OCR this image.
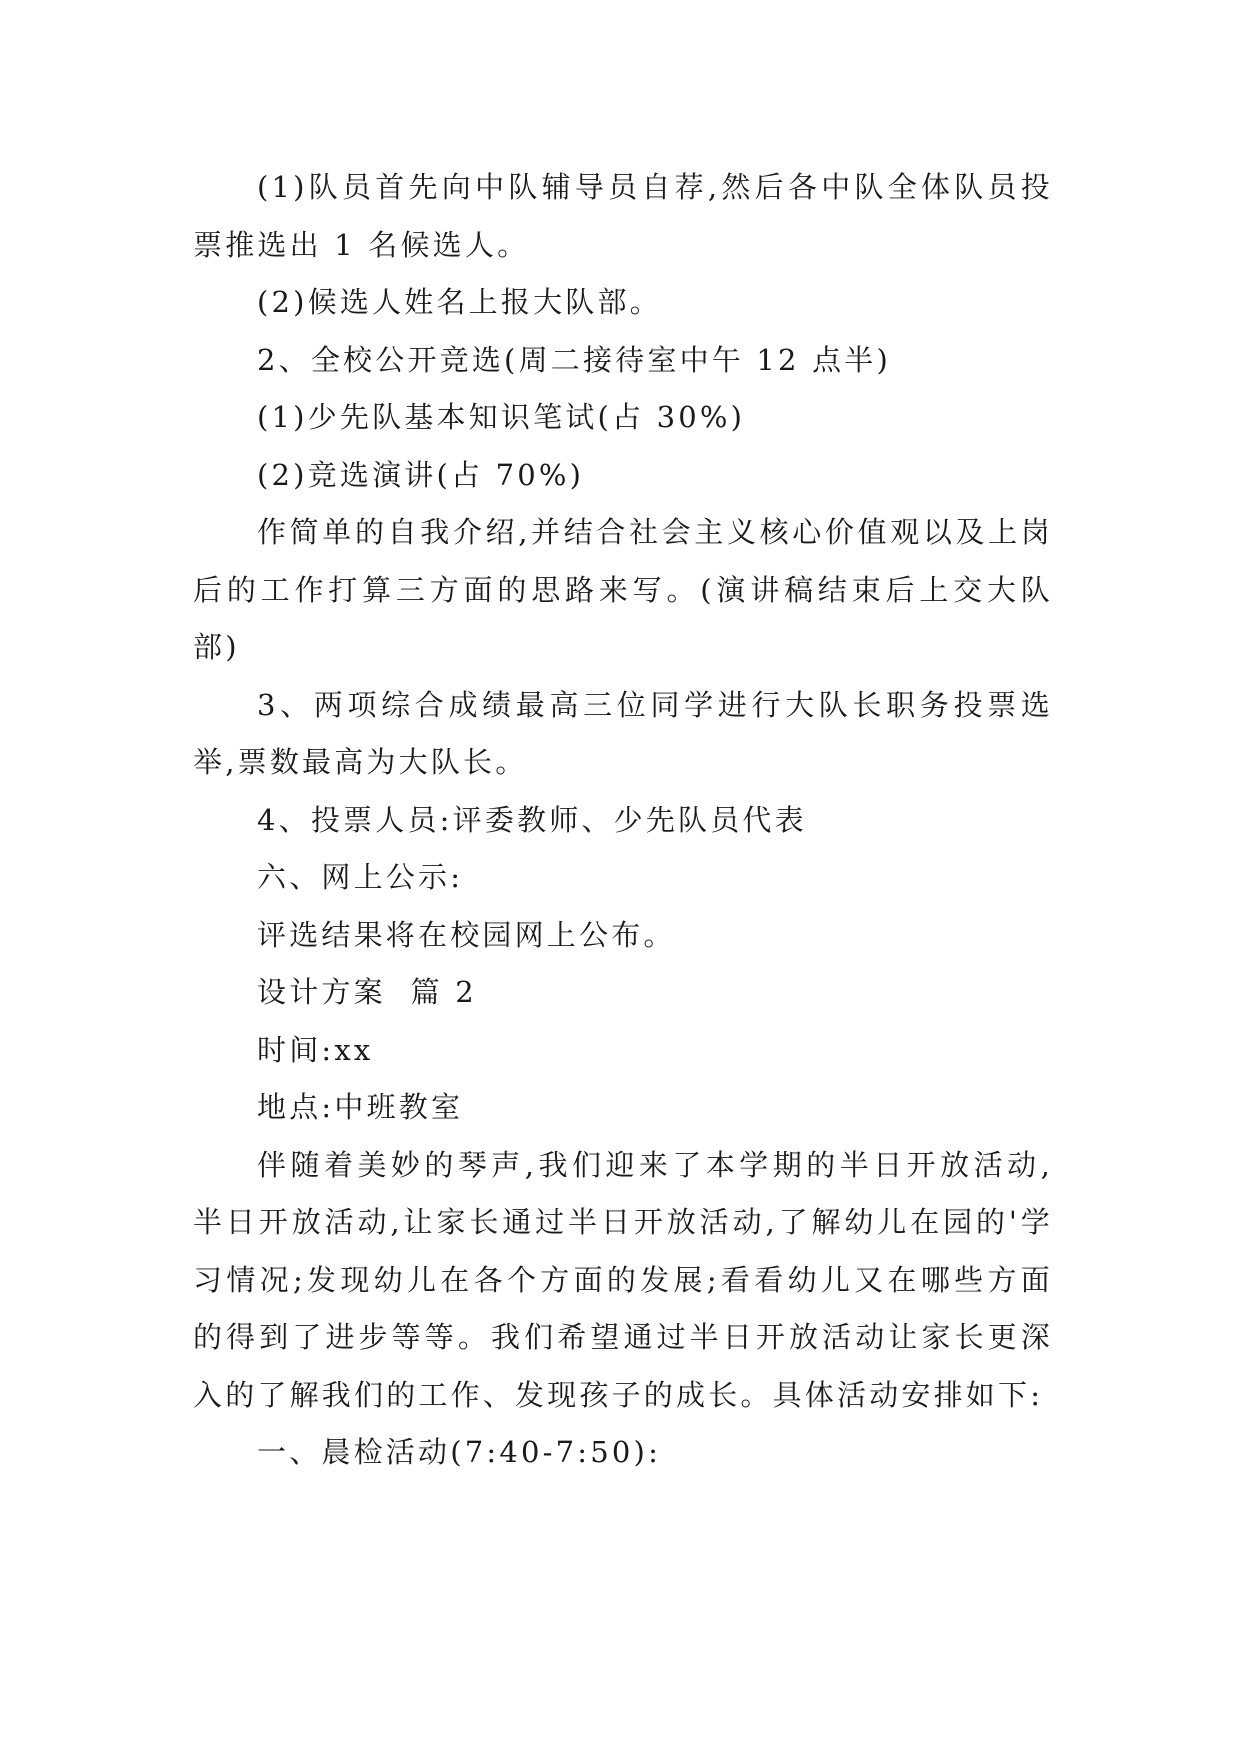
(1)队员首先向中队辅导员自荐,然后各中队全体队员投票推选出 1 名候选人。

(2)候选人姓名上报大队部。

2、全校公开竞选(周二接待室中午 12 点半)

(1)少先队基本知识笔试(占 30%)

(2)竞选演讲(占 70%)

作简单的自我介绍,并结合社会主义核心价值观以及上岗后的工作打算三方面的思路来写。(演讲稿结束后上交大队部)

3、两项综合成绩最高三位同学进行大队长职务投票选举,票数最高为大队长。

4、投票人员:评委教师、少先队员代表

六、网上公示:

评选结果将在校园网上公布。

设计方案  篇 2

时间:xx

地点:中班教室

伴随着美妙的琴声,我们迎来了本学期的半日开放活动,半日开放活动,让家长通过半日开放活动,了解幼儿在园的'学习情况;发现幼儿在各个方面的发展;看看幼儿又在哪些方面的得到了进步等等。我们希望通过半日开放活动让家长更深入的了解我们的工作、发现孩子的成长。具体活动安排如下:

一、晨检活动(7:40-7:50):
